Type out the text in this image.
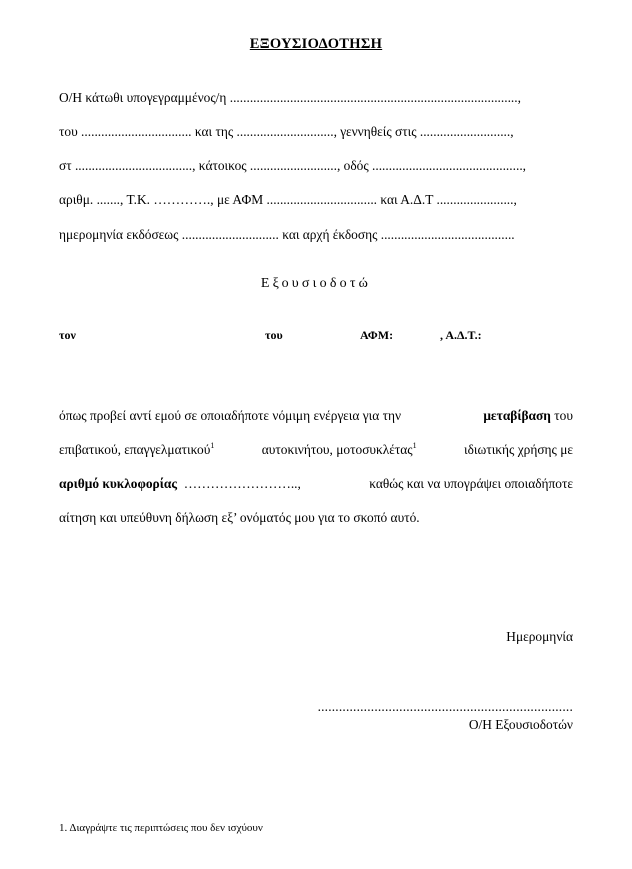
ΕΞΟΥΣΙΟΔΟΤΗΣΗ
Ο/Η κάτωθι υπογεγραμμένος/η ......................................................................................,
του ................................. και της ............................., γεννηθείς στις ...........................,
στ ..................................., κάτοικος .........................., οδός .............................................,
αριθμ. ......., Τ.Κ. …………., με ΑΦΜ ................................. και Α.Δ.Τ .......................,
ημερομηνία εκδόσεως ............................. και αρχή έκδοσης ........................................
Εξουσιοδοτώ
τον	του	ΑΦΜ:	, Α.Δ.Τ.:
όπως προβεί αντί εμού σε οποιαδήποτε νόμιμη ενέργεια για την	μεταβίβαση του
επιβατικού, επαγγελματικού$^1$	αυτοκινήτου, μοτοσυκλέτας$^1$	ιδιωτικής χρήσης με
αριθμό κυκλοφορίας ……………………..,	καθώς και να υπογράψει οποιαδήποτε
αίτηση και υπεύθυνη δήλωση εξ’ ονόματός μου για το σκοπό αυτό.
Ημερομηνία
........................................................................
Ο/Η Εξουσιοδοτών
1. Διαγράψτε τις περιπτώσεις που δεν ισχύουν
